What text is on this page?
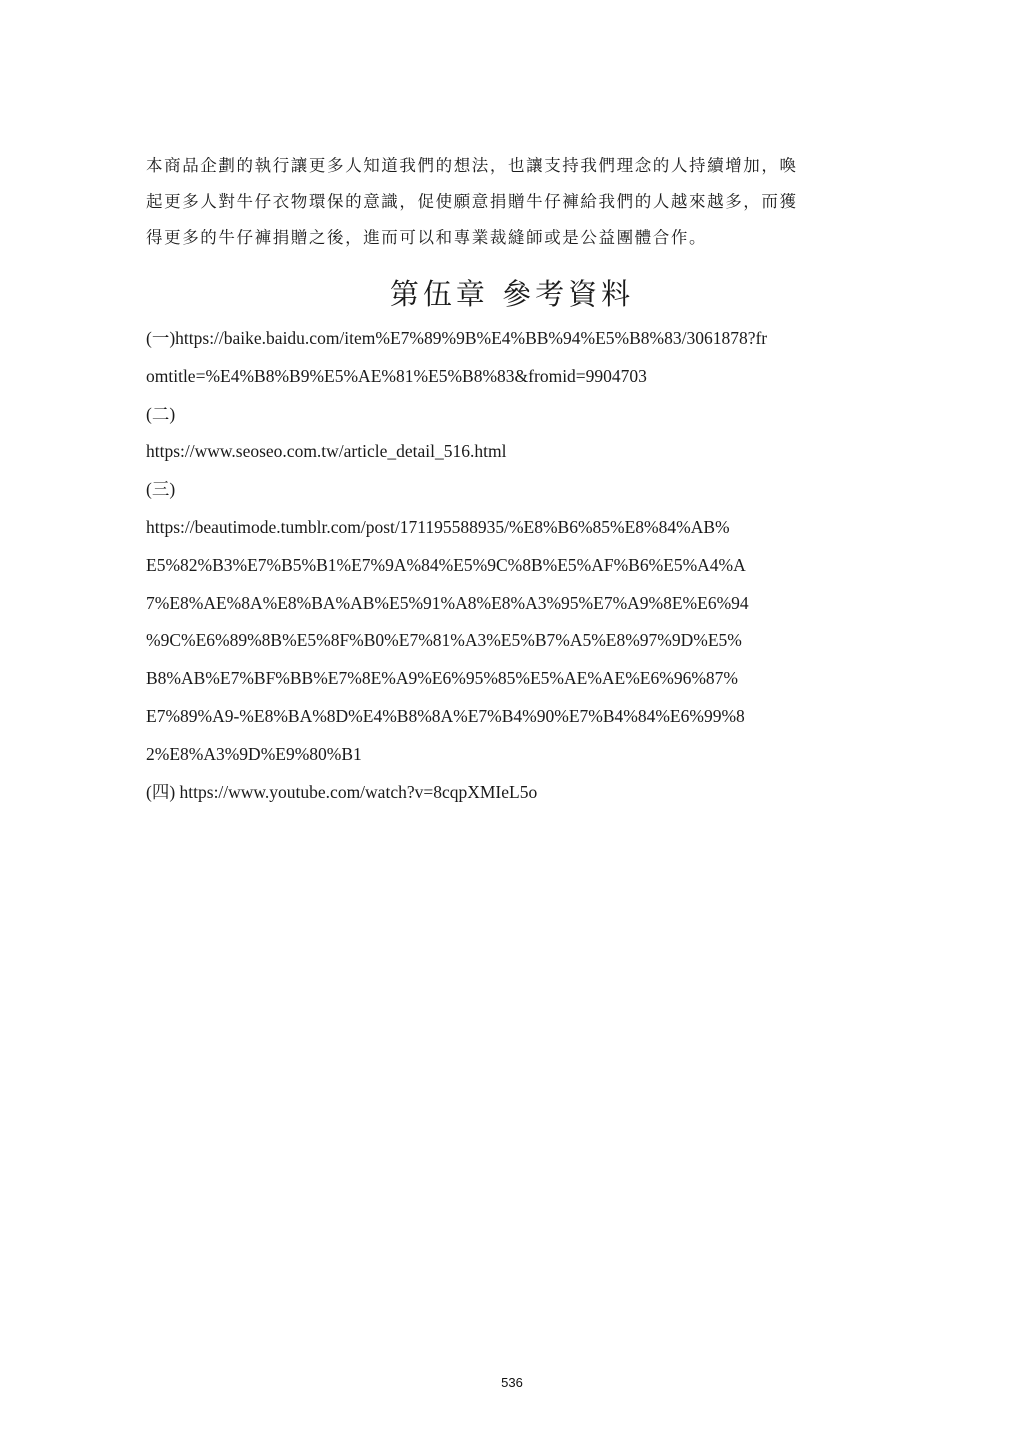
本商品企劃的執行讓更多人知道我們的想法，也讓支持我們理念的人持續增加，喚
起更多人對牛仔衣物環保的意識，促使願意捐贈牛仔褲給我們的人越來越多，而獲
得更多的牛仔褲捐贈之後，進而可以和專業裁縫師或是公益團體合作。
第伍章 參考資料
(一)https://baike.baidu.com/item%E7%89%9B%E4%BB%94%E5%B8%83/3061878?fr
omtitle=%E4%B8%B9%E5%AE%81%E5%B8%83&fromid=9904703
(二)
https://www.seoseo.com.tw/article_detail_516.html
(三)
https://beautimode.tumblr.com/post/171195588935/%E8%B6%85%E8%84%AB%
E5%82%B3%E7%B5%B1%E7%9A%84%E5%9C%8B%E5%AF%B6%E5%A4%A
7%E8%AE%8A%E8%BA%AB%E5%91%A8%E8%A3%95%E7%A9%8E%E6%94
%9C%E6%89%8B%E5%8F%B0%E7%81%A3%E5%B7%A5%E8%97%9D%E5%
B8%AB%E7%BF%BB%E7%8E%A9%E6%95%85%E5%AE%AE%E6%96%87%
E7%89%A9-%E8%BA%8D%E4%B8%8A%E7%B4%90%E7%B4%84%E6%99%8
2%E8%A3%9D%E9%80%B1
(四) https://www.youtube.com/watch?v=8cqpXMIeL5o
536
